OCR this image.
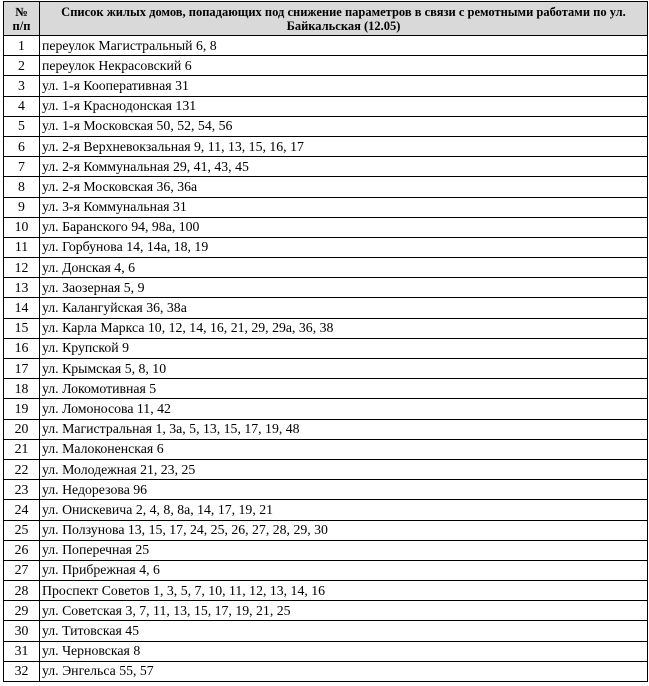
№
п/п	Список жилых домов, попадающих под снижение параметров в связи с ремотными работами по ул. Байкальская (12.05)
1	переулок Магистральный 6, 8
2	переулок Некрасовский 6
3	ул. 1-я Кооперативная 31
4	ул. 1-я Краснодонская 131
5	ул. 1-я Московская 50, 52, 54, 56
6	ул. 2-я Верхневокзальная 9, 11, 13, 15, 16, 17
7	ул. 2-я Коммунальная 29, 41, 43, 45
8	ул. 2-я Московская 36, 36а
9	ул. 3-я Коммунальная 31
10	ул. Баранского 94, 98а, 100
11	ул. Горбунова 14, 14а, 18, 19
12	ул. Донская 4, 6
13	ул. Заозерная 5, 9
14	ул. Калангуйская 36, 38а
15	ул. Карла Маркса 10, 12, 14, 16, 21, 29, 29а, 36, 38
16	ул. Крупской 9
17	ул. Крымская 5, 8, 10
18	ул. Локомотивная 5
19	ул. Ломоносова 11, 42
20	ул. Магистральная 1, 3а, 5, 13, 15, 17, 19, 48
21	ул. Малоконенская 6
22	ул. Молодежная 21, 23, 25
23	ул. Недорезова 96
24	ул. Онискевича 2, 4, 8, 8а, 14, 17, 19, 21
25	ул. Ползунова 13, 15, 17, 24, 25, 26, 27, 28, 29, 30
26	ул. Поперечная 25
27	ул. Прибрежная 4, 6
28	Проспект Советов 1, 3, 5, 7, 10, 11, 12, 13, 14, 16
29	ул. Советская 3, 7, 11, 13, 15, 17, 19, 21, 25
30	ул. Титовская 45
31	ул. Черновская 8
32	ул. Энгельса 55, 57
